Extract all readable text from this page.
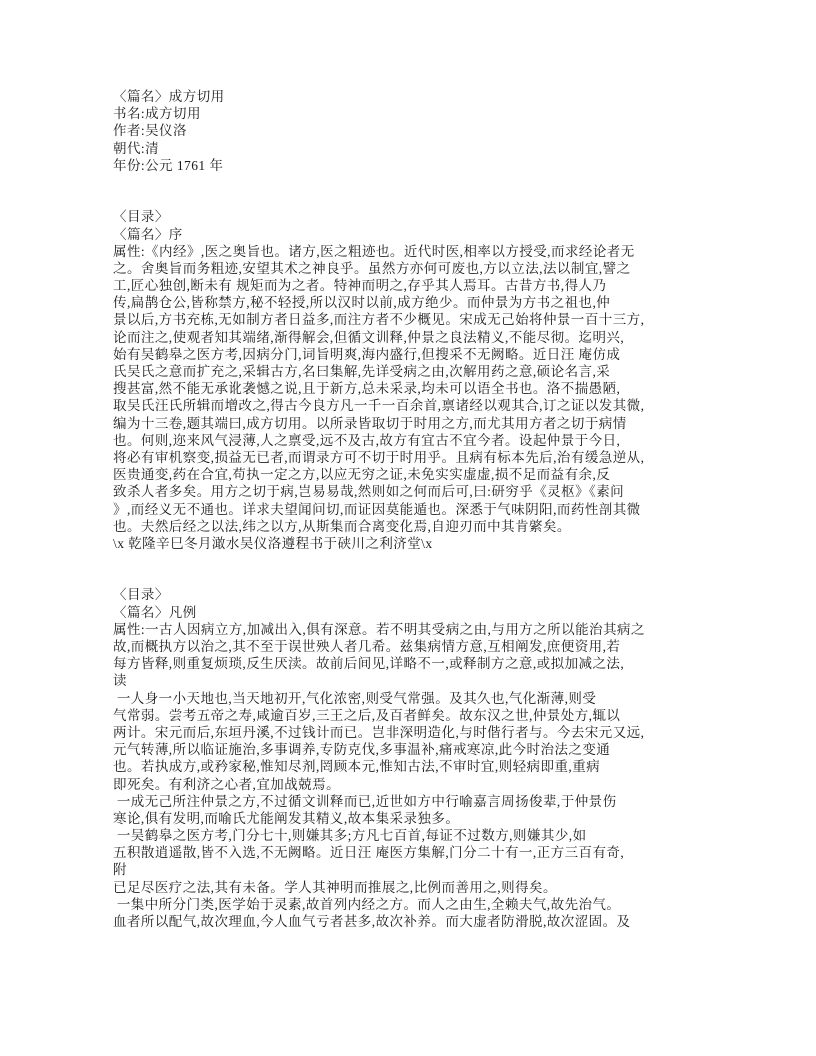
〈篇名〉成方切用
书名:成方切用
作者:吴仪洛
朝代:清
年份:公元 1761 年
〈目录〉
〈篇名〉序
属性:《内经》,医之奥旨也。诸方,医之粗迹也。近代时医,相率以方授受,而求经论者无
之。舍奥旨而务粗迹,安望其术之神良乎。虽然方亦何可废也,方以立法,法以制宜,譬之
工,匠心独创,断未有 规矩而为之者。特神而明之,存乎其人焉耳。古昔方书,得人乃
传,扁鹊仓公,皆称禁方,秘不轻授,所以汉时以前,成方绝少。而仲景为方书之祖也,仲
景以后,方书充栋,无如制方者日益多,而注方者不少概见。宋成无己始将仲景一百十三方,
论而注之,使观者知其端绪,渐得解会,但循文训释,仲景之良法精义,不能尽彻。迄明兴,
始有吴鹤皋之医方考,因病分门,词旨明爽,海内盛行,但搜采不无阙略。近日汪 庵仿成
氏吴氏之意而扩充之,采辑古方,名曰集解,先详受病之由,次解用药之意,硕论名言,采
搜甚富,然不能无承讹袭憾之说,且于新方,总未采录,均未可以语全书也。洛不揣愚陋,
取吴氏汪氏所辑而增改之,得古今良方凡一千一百余首,禀诸经以观其合,订之证以发其微,
编为十三卷,题其端曰,成方切用。以所录皆取切于时用之方,而尤其用方者之切于病情
也。何则,迩来风气浸薄,人之禀受,远不及古,故方有宜古不宜今者。设起仲景于今日,
将必有审机察变,损益无已者,而谓录方可不切于时用乎。且病有标本先后,治有缓急逆从,
医贵通变,药在合宜,苟执一定之方,以应无穷之证,未免实实虚虚,损不足而益有余,反
致杀人者多矣。用方之切于病,岂易易哉,然则如之何而后可,曰:研穷乎《灵枢》《素问
》,而经义无不通也。详求夫望闻问切,而证因莫能遁也。深悉于气味阴阳,而药性剖其微
也。夫然后经之以法,纬之以方,从斯集而合离变化焉,自迎刃而中其肯綮矣。
\x 乾隆辛巳冬月澉水吴仪洛遵程书于硖川之利济堂\x
〈目录〉
〈篇名〉凡例
属性:一古人因病立方,加减出入,俱有深意。若不明其受病之由,与用方之所以能治其病之
故,而概执方以治之,其不至于误世殃人者几希。兹集病情方意,互相阐发,庶便资用,若
每方皆释,则重复烦琐,反生厌渎。故前后间见,详略不一,或释制方之意,或拟加减之法,
读
一人身一小天地也,当天地初开,气化浓密,则受气常强。及其久也,气化渐薄,则受
气常弱。尝考五帝之寿,咸逾百岁,三王之后,及百者鲜矣。故东汉之世,仲景处方,辄以
两计。宋元而后,东垣丹溪,不过钱计而已。岂非深明造化,与时偕行者与。今去宋元又远,
元气转薄,所以临证施治,多事调养,专防克伐,多事温补,痛戒寒凉,此今时治法之变通
也。若执成方,或矜家秘,惟知尽剂,罔顾本元,惟知古法,不审时宜,则轻病即重,重病
即死矣。有利济之心者,宜加战兢焉。
一成无己所注仲景之方,不过循文训释而已,近世如方中行喻嘉言周扬俊辈,于仲景伤
寒论,俱有发明,而喻氏尤能阐发其精义,故本集采录独多。
一吴鹤皋之医方考,门分七十,则嫌其多;方凡七百首,每证不过数方,则嫌其少,如
五积散逍遥散,皆不入选,不无阙略。近日汪 庵医方集解,门分二十有一,正方三百有奇,
附
已足尽医疗之法,其有未备。学人其神明而推展之,比例而善用之,则得矣。
一集中所分门类,医学始于灵素,故首列内经之方。而人之由生,全赖夫气,故先治气。
血者所以配气,故次理血,今人血气亏者甚多,故次补养。而大虚者防滑脱,故次涩固。及
